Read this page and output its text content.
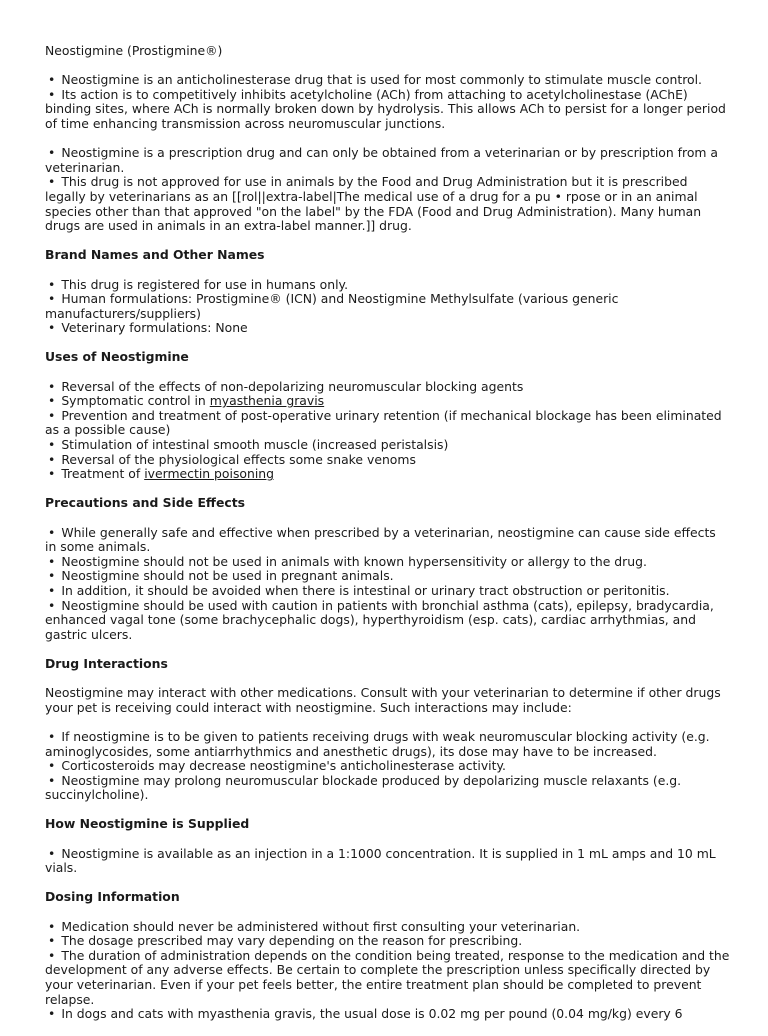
Neostigmine (Prostigmine®)
• Neostigmine is an anticholinesterase drug that is used for most commonly to stimulate muscle control.
• Its action is to competitively inhibits acetylcholine (ACh) from attaching to acetylcholinestase (AChE) binding sites, where ACh is normally broken down by hydrolysis. This allows ACh to persist for a longer period of time enhancing transmission across neuromuscular junctions.
• Neostigmine is a prescription drug and can only be obtained from a veterinarian or by prescription from a veterinarian.
• This drug is not approved for use in animals by the Food and Drug Administration but it is prescribed legally by veterinarians as an [[rol||extra-label|The medical use of a drug for a pu • rpose or in an animal species other than that approved "on the label" by the FDA (Food and Drug Administration). Many human drugs are used in animals in an extra-label manner.]] drug.
Brand Names and Other Names
• This drug is registered for use in humans only.
• Human formulations: Prostigmine® (ICN) and Neostigmine Methylsulfate (various generic manufacturers/suppliers)
• Veterinary formulations: None
Uses of Neostigmine
• Reversal of the effects of non-depolarizing neuromuscular blocking agents
• Symptomatic control in myasthenia gravis
• Prevention and treatment of post-operative urinary retention (if mechanical blockage has been eliminated as a possible cause)
• Stimulation of intestinal smooth muscle (increased peristalsis)
• Reversal of the physiological effects some snake venoms
• Treatment of ivermectin poisoning
Precautions and Side Effects
• While generally safe and effective when prescribed by a veterinarian, neostigmine can cause side effects in some animals.
• Neostigmine should not be used in animals with known hypersensitivity or allergy to the drug.
• Neostigmine should not be used in pregnant animals.
• In addition, it should be avoided when there is intestinal or urinary tract obstruction or peritonitis.
• Neostigmine should be used with caution in patients with bronchial asthma (cats), epilepsy, bradycardia, enhanced vagal tone (some brachycephalic dogs), hyperthyroidism (esp. cats), cardiac arrhythmias, and gastric ulcers.
Drug Interactions
Neostigmine may interact with other medications. Consult with your veterinarian to determine if other drugs your pet is receiving could interact with neostigmine. Such interactions may include:
• If neostigmine is to be given to patients receiving drugs with weak neuromuscular blocking activity (e.g. aminoglycosides, some antiarrhythmics and anesthetic drugs), its dose may have to be increased.
• Corticosteroids may decrease neostigmine's anticholinesterase activity.
• Neostigmine may prolong neuromuscular blockade produced by depolarizing muscle relaxants (e.g. succinylcholine).
How Neostigmine is Supplied
• Neostigmine is available as an injection in a 1:1000 concentration. It is supplied in 1 mL amps and 10 mL vials.
Dosing Information
• Medication should never be administered without first consulting your veterinarian.
• The dosage prescribed may vary depending on the reason for prescribing.
• The duration of administration depends on the condition being treated, response to the medication and the development of any adverse effects. Be certain to complete the prescription unless specifically directed by your veterinarian. Even if your pet feels better, the entire treatment plan should be completed to prevent relapse.
• In dogs and cats with myasthenia gravis, the usual dose is 0.02 mg per pound (0.04 mg/kg) every 6
